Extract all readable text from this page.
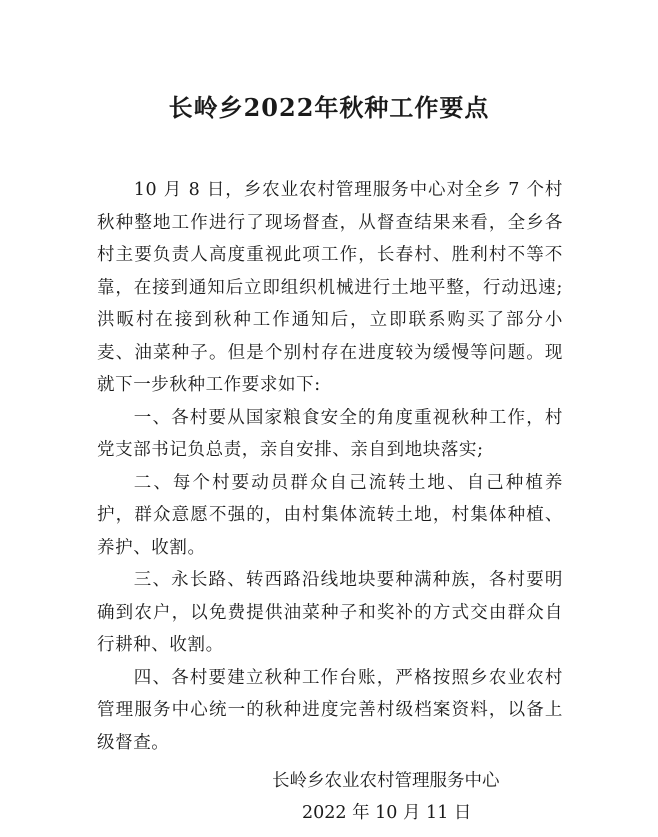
长岭乡2022年秋种工作要点

10 月 8 日，乡农业农村管理服务中心对全乡 7 个村秋种整地工作进行了现场督查，从督查结果来看，全乡各村主要负责人高度重视此项工作，长春村、胜利村不等不靠，在接到通知后立即组织机械进行土地平整，行动迅速;洪畈村在接到秋种工作通知后，立即联系购买了部分小麦、油菜种子。但是个别村存在进度较为缓慢等问题。现就下一步秋种工作要求如下:

一、各村要从国家粮食安全的角度重视秋种工作，村党支部书记负总责，亲自安排、亲自到地块落实;

二、每个村要动员群众自己流转土地、自己种植养护，群众意愿不强的，由村集体流转土地，村集体种植、养护、收割。

三、永长路、转西路沿线地块要种满种族，各村要明确到农户，以免费提供油菜种子和奖补的方式交由群众自行耕种、收割。

四、各村要建立秋种工作台账，严格按照乡农业农村管理服务中心统一的秋种进度完善村级档案资料，以备上级督查。

长岭乡农业农村管理服务中心
2022 年 10 月 11 日
